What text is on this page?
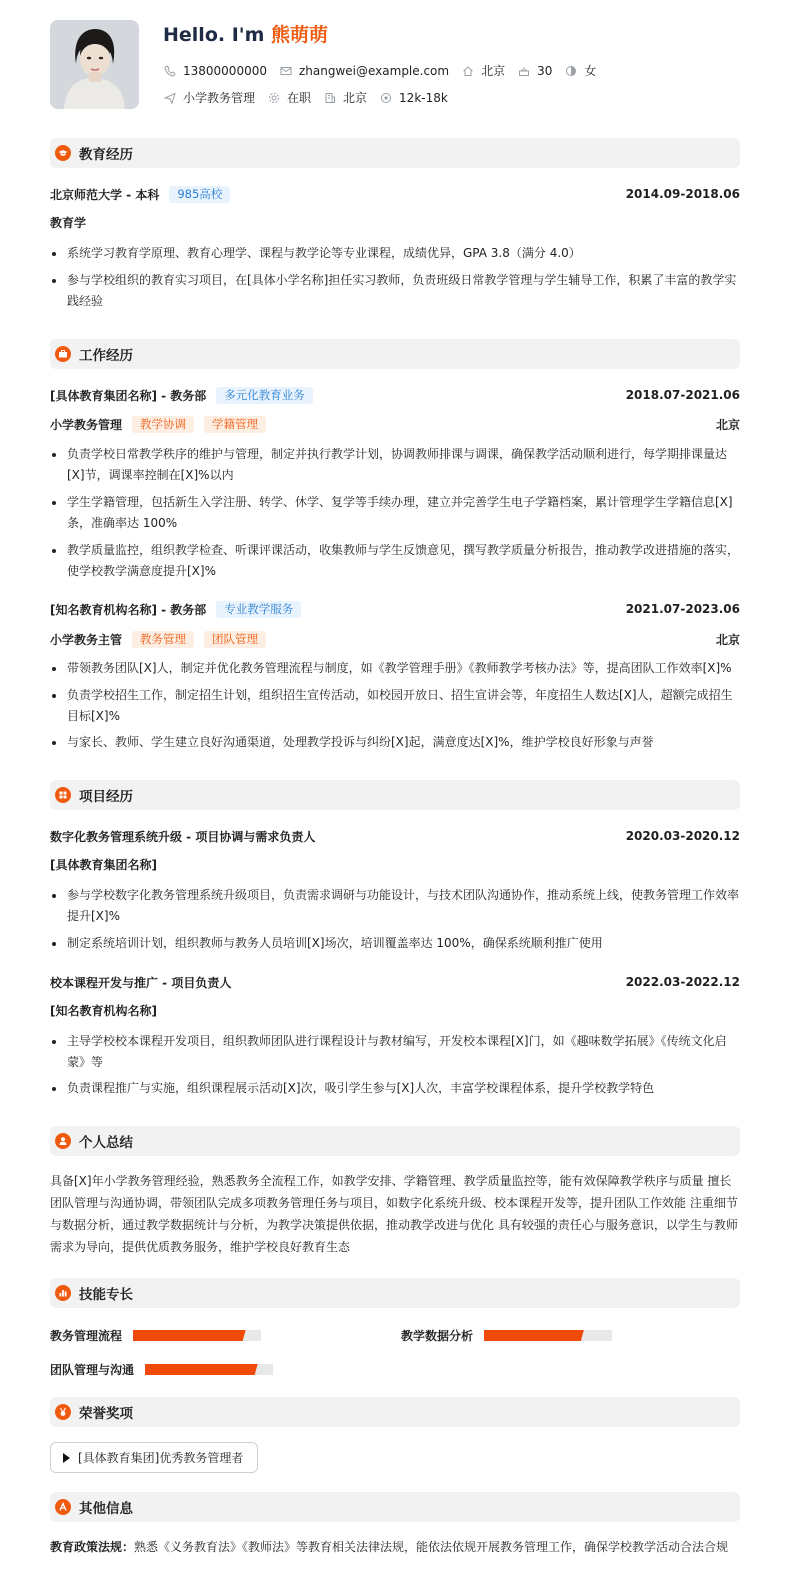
Hello. I'm 熊萌萌
13800000000	zhangwei@example.com	北京	30	女
小学教务管理	在职	北京	12k-18k
教育经历
北京师范大学 - 本科	985高校	2014.09-2018.06
教育学
系统学习教育学原理、教育心理学、课程与教学论等专业课程，成绩优异，GPA 3.8（满分 4.0）
参与学校组织的教育实习项目，在[具体小学名称]担任实习教师，负责班级日常教学管理与学生辅导工作，积累了丰富的教学实践经验
工作经历
[具体教育集团名称] - 教务部	多元化教育业务	2018.07-2021.06
小学教务管理	教学协调	学籍管理	北京
负责学校日常教学秩序的维护与管理，制定并执行教学计划，协调教师排课与调课，确保教学活动顺利进行，每学期排课量达[X]节，调课率控制在[X]%以内
学生学籍管理，包括新生入学注册、转学、休学、复学等手续办理，建立并完善学生电子学籍档案，累计管理学生学籍信息[X]条，准确率达 100%
教学质量监控，组织教学检查、听课评课活动，收集教师与学生反馈意见，撰写教学质量分析报告，推动教学改进措施的落实，使学校教学满意度提升[X]%
[知名教育机构名称] - 教务部	专业教学服务	2021.07-2023.06
小学教务主管	教务管理	团队管理	北京
带领教务团队[X]人，制定并优化教务管理流程与制度，如《教学管理手册》《教师教学考核办法》等，提高团队工作效率[X]%
负责学校招生工作，制定招生计划，组织招生宣传活动，如校园开放日、招生宣讲会等，年度招生人数达[X]人，超额完成招生目标[X]%
与家长、教师、学生建立良好沟通渠道，处理教学投诉与纠纷[X]起，满意度达[X]%，维护学校良好形象与声誉
项目经历
数字化教务管理系统升级 - 项目协调与需求负责人	2020.03-2020.12
[具体教育集团名称]
参与学校数字化教务管理系统升级项目，负责需求调研与功能设计，与技术团队沟通协作，推动系统上线，使教务管理工作效率提升[X]%
制定系统培训计划，组织教师与教务人员培训[X]场次，培训覆盖率达 100%，确保系统顺利推广使用
校本课程开发与推广 - 项目负责人	2022.03-2022.12
[知名教育机构名称]
主导学校校本课程开发项目，组织教师团队进行课程设计与教材编写，开发校本课程[X]门，如《趣味数学拓展》《传统文化启蒙》等
负责课程推广与实施，组织课程展示活动[X]次，吸引学生参与[X]人次，丰富学校课程体系，提升学校教学特色
个人总结
具备[X]年小学教务管理经验，熟悉教务全流程工作，如教学安排、学籍管理、教学质量监控等，能有效保障教学秩序与质量 擅长团队管理与沟通协调，带领团队完成多项教务管理任务与项目，如数字化系统升级、校本课程开发等，提升团队工作效能 注重细节与数据分析，通过教学数据统计与分析，为教学决策提供依据，推动教学改进与优化 具有较强的责任心与服务意识，以学生与教师需求为导向，提供优质教务服务，维护学校良好教育生态
技能专长
教务管理流程	教学数据分析
团队管理与沟通
荣誉奖项
[具体教育集团]优秀教务管理者
其他信息
教育政策法规：熟悉《义务教育法》《教师法》等教育相关法律法规，能依法依规开展教务管理工作，确保学校教学活动合法合规
